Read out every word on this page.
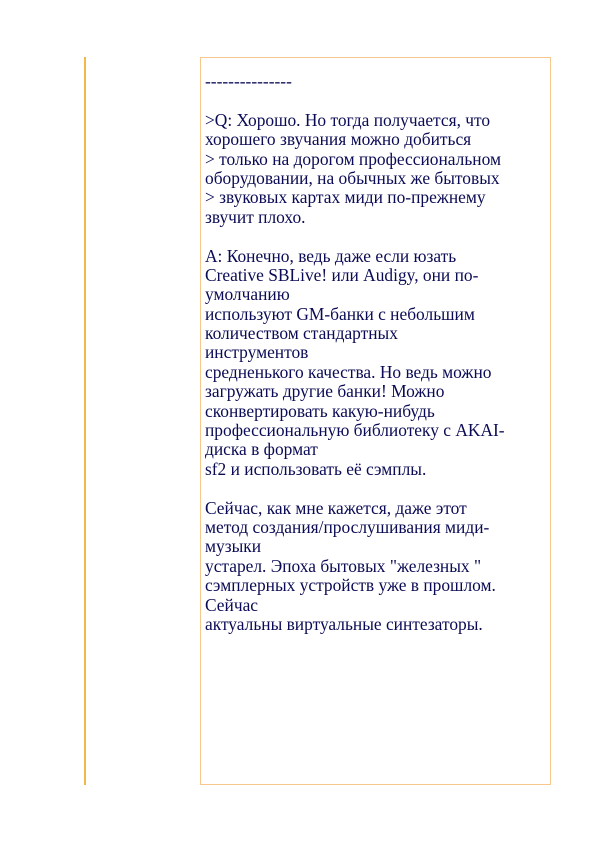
---------------
>Q: Хорошо. Но тогда получается, что
хорошего звучания можно добиться
> только на дорогом профессиональном
оборудовании, на обычных же бытовых
> звуковых картах миди по-прежнему
звучит плохо.
А: Конечно, ведь даже если юзать
Creative SBLive! или Audigy, они по-
умолчанию
используют GM-банки с небольшим
количеством стандартных
инструментов
средненького качества. Но ведь можно
загружать другие банки! Можно
сконвертировать какую-нибудь
профессиональную библиотеку с AKAI-
диска в формат
sf2 и использовать её сэмплы.
Сейчас, как мне кажется, даже этот
метод создания/прослушивания миди-
музыки
устарел. Эпоха бытовых "железных "
сэмплерных устройств уже в прошлом.
Сейчас
актуальны виртуальные синтезаторы.
